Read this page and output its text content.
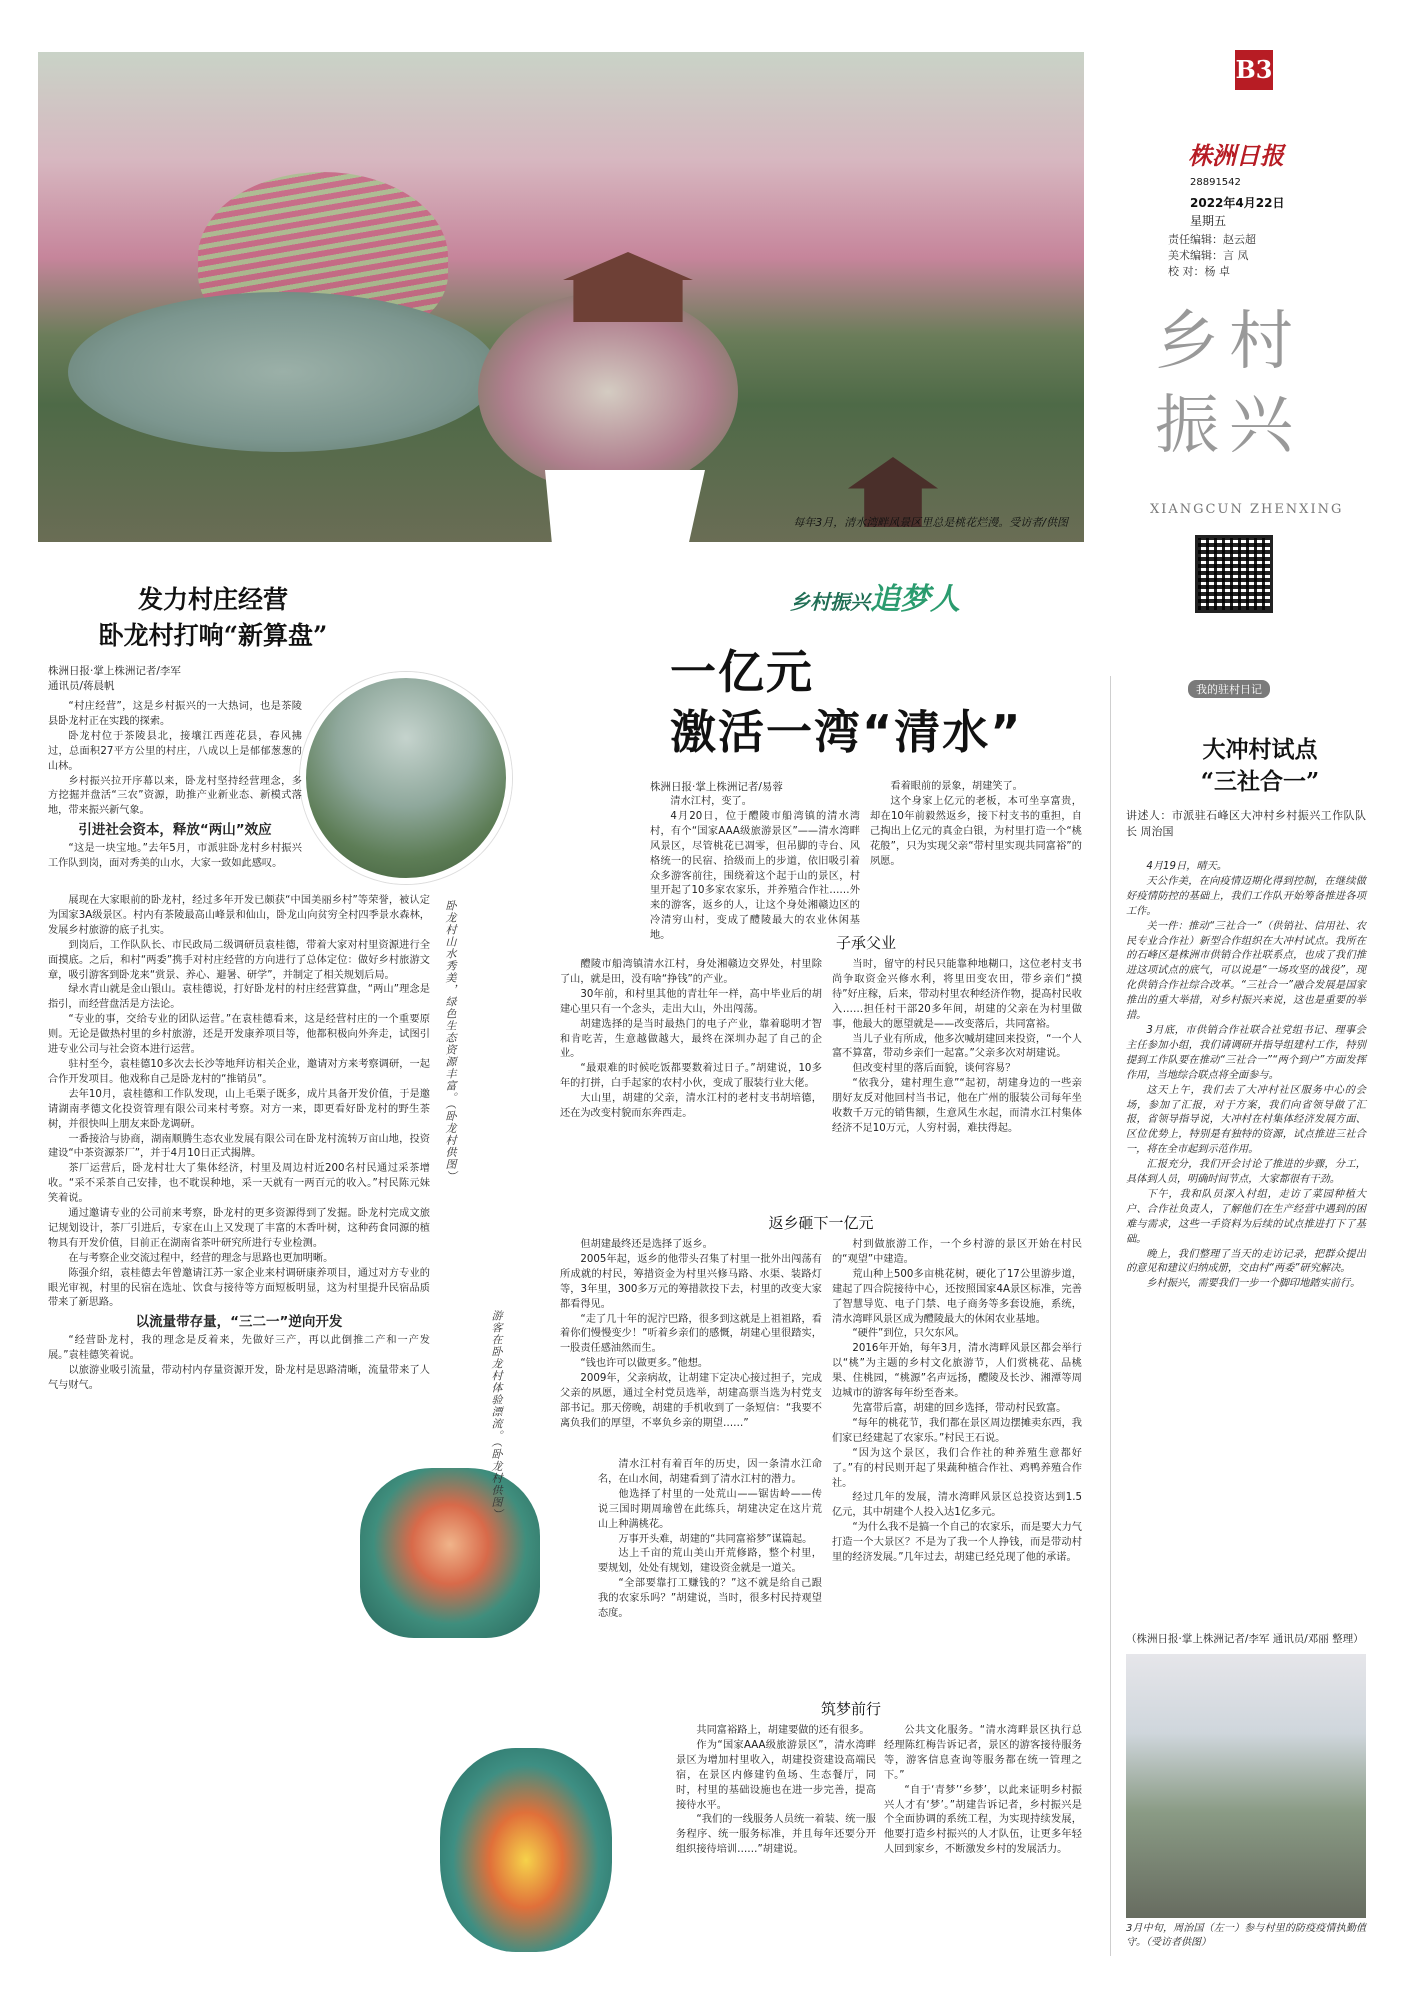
每年3月，清水湾畔风景区里总是桃花烂漫。受访者/供图
B3
株洲日报
28891542
2022年4月22日
星期五
责任编辑：赵云超
美术编辑：言 凤
校 对：杨 卓
乡村振兴
XIANGCUN ZHENXING
乡村振兴追梦人
发力村庄经营
卧龙村打响“新算盘”
卧龙村山水秀美，绿色生态资源丰富。（卧龙村供图）
株洲日报·掌上株洲记者/李军
通讯员/蒋晨帆

“村庄经营”，这是乡村振兴的一大热词，也是茶陵县卧龙村正在实践的探索。

卧龙村位于茶陵县北，接壤江西莲花县，春风拂过，总面积27平方公里的村庄，八成以上是郁郁葱葱的山林。

乡村振兴拉开序幕以来，卧龙村坚持经营理念，多方挖掘并盘活“三农”资源，助推产业新业态、新模式落地，带来振兴新气象。

引进社会资本，释放“两山”效应

“这是一块宝地。”去年5月，市派驻卧龙村乡村振兴工作队到岗，面对秀美的山水，大家一致如此感叹。

展现在大家眼前的卧龙村，经过多年开发已颇获“中国美丽乡村”等荣誉，被认定为国家3A级景区。村内有茶陵最高山峰景和仙山，卧龙山向贫穷全村四季景水森林，发展乡村旅游的底子扎实。

到岗后，工作队队长、市民政局二级调研员袁桂德，带着大家对村里资源进行全面摸底。之后，和村“两委”携手对村庄经营的方向进行了总体定位：做好乡村旅游文章，吸引游客到卧龙来“赏景、养心、避暑、研学”，并制定了相关规划后局。

绿水青山就是金山银山。袁桂德说，打好卧龙村的村庄经营算盘，“两山”理念是指引，而经营盘活是方法论。

“专业的事，交给专业的团队运营。”在袁桂德看来，这是经营村庄的一个重要原则。无论是做热村里的乡村旅游，还是开发康养项目等，他都积极向外奔走，试图引进专业公司与社会资本进行运营。

驻村至今，袁桂德10多次去长沙等地拜访相关企业，邀请对方来考察调研，一起合作开发项目。他戏称自己是卧龙村的“推销员”。

去年10月，袁桂德和工作队发现，山上毛栗子既多，成片具备开发价值，于是邀请湖南孝德文化投资管理有限公司来村考察。对方一来，即更看好卧龙村的野生茶树，并很快叫上朋友来卧龙调研。

一番接洽与协商，湖南顺腾生态农业发展有限公司在卧龙村流转万亩山地，投资建设“中茶资源茶厂”，并于4月10日正式揭牌。

茶厂运营后，卧龙村壮大了集体经济，村里及周边村近200名村民通过采茶增收。“采不采茶自己安排，也不耽误种地，采一天就有一两百元的收入。”村民陈元妹笑着说。

通过邀请专业的公司前来考察，卧龙村的更多资源得到了发掘。卧龙村完成文旅记规划设计，茶厂引进后，专家在山上又发现了丰富的木香叶树，这种药食同源的植物具有开发价值，目前正在湖南省茶叶研究所进行专业检测。

在与考察企业交流过程中，经营的理念与思路也更加明晰。

陈强介绍，袁桂德去年曾邀请江苏一家企业来村调研康养项目，通过对方专业的眼光审视，村里的民宿在选址、饮食与接待等方面短板明显，这为村里提升民宿品质带来了新思路。

以流量带存量，“三二一”逆向开发

“经营卧龙村，我的理念是反着来，先做好三产，再以此倒推二产和一产发展。”袁桂德笑着说。

以旅游业吸引流量，带动村内存量资源开发，卧龙村是思路清晰，流量带来了人气与财气。	游客在卧龙村体验漂流。（卧龙村供图）
一亿元
激活一湾“清水”
株洲日报·掌上株洲记者/易蓉

清水江村，变了。

4月20日，位于醴陵市船湾镇的清水湾村，有个“国家AAA级旅游景区”——清水湾畔风景区，尽管桃花已凋零，但吊脚的寺台、风格统一的民宿、拾级而上的步道，依旧吸引着众多游客前往，围绕着这个起于山的景区，村里开起了10多家农家乐，并养殖合作社……外来的游客，返乡的人，让这个身处湘赣边区的冷清穷山村，变成了醴陵最大的农业休闲基地。

看着眼前的景象，胡建笑了。

这个身家上亿元的老板，本可坐享富贵，却在10年前毅然返乡，接下村支书的重担，自己掏出上亿元的真金白银，为村里打造一个“桃花般”，只为实现父亲“带村里实现共同富裕”的夙愿。

子承父业

醴陵市船湾镇清水江村，身处湘赣边交界处，村里除了山，就是田，没有啥“挣钱”的产业。

30年前，和村里其他的青壮年一样，高中毕业后的胡建心里只有一个念头，走出大山，外出闯荡。

胡建选择的是当时最热门的电子产业，靠着聪明才智和肯吃苦，生意越做越大，最终在深圳办起了自己的企业。

“最艰难的时候吃饭都要数着过日子。”胡建说，10多年的打拼，白手起家的农村小伙，变成了服装行业大佬。

大山里，胡建的父亲，清水江村的老村支书胡培德，还在为改变村貌而东奔西走。

当时，留守的村民只能靠种地糊口，这位老村支书尚争取资金兴修水利，将里田变农田，带乡亲们“摸待”好庄稼，后来，带动村里农种经济作物，提高村民收入……担任村干部20多年间，胡建的父亲在为村里做事，他最大的愿望就是——改变落后，共同富裕。

当儿子业有所成，他多次喊胡建回来投资，“一个人富不算富，带动乡亲们一起富。”父亲多次对胡建说。

但改变村里的落后面貌，谈何容易？

“依我分，建村理生意”“起初，胡建身边的一些亲朋好友反对他回村当书记，他在广州的服装公司每年坐收数千万元的销售额，生意风生水起，而清水江村集体经济不足10万元，人穷村弱，难扶得起。

返乡砸下一亿元

但胡建最终还是选择了返乡。

2005年起，返乡的他带头召集了村里一批外出闯荡有所成就的村民，筹措资金为村里兴修马路、水渠、装路灯等，3年里，300多万元的筹措款投下去，村里的改变大家都看得见。

“走了几十年的泥泞巴路，很多到这就是上祖祖路，看着你们慢慢变少！”听着乡亲们的感慨，胡建心里很踏实，一股责任感油然而生。

“钱也许可以做更多。”他想。

2009年，父亲病故，让胡建下定决心接过担子，完成父亲的夙愿，通过全村党员选举，胡建高票当选为村党支部书记。那天傍晚，胡建的手机收到了一条短信：“我要不离负我们的厚望，不辜负乡亲的期望……”

清水江村有着百年的历史，因一条清水江命名，在山水间，胡建看到了清水江村的潜力。

他选择了村里的一处荒山——锯齿岭——传说三国时期周瑜曾在此练兵，胡建决定在这片荒山上种满桃花。

万事开头难，胡建的“共同富裕梦”谋篇起。

达上千亩的荒山美山开荒修路，整个村里，要规划，处处有规划，建设资金就是一道关。

“全部要靠打工赚钱的？”这不就是给自己跟我的农家乐吗？”胡建说，当时，很多村民持观望态度。

村到做旅游工作，一个乡村游的景区开始在村民的“观望”中建造。

荒山种上500多亩桃花树，硬化了17公里游步道，建起了四合院接待中心，还按照国家4A景区标准，完善了智慧导览、电子门禁、电子商务等多套设施，系统，清水湾畔风景区成为醴陵最大的休闲农业基地。

“硬件”到位，只欠东风。

2016年开始，每年3月，清水湾畔风景区都会举行以“桃”为主题的乡村文化旅游节，人们赏桃花、品桃果、住桃园，“桃源”名声远扬，醴陵及长沙、湘潭等周边城市的游客每年纷至沓来。

先富带后富，胡建的回乡选择，带动村民致富。

“每年的桃花节，我们都在景区周边摆摊卖东西，我们家已经建起了农家乐。”村民王石说。

“因为这个景区，我们合作社的种养殖生意都好了。”有的村民则开起了果蔬种植合作社、鸡鸭养殖合作社。

经过几年的发展，清水湾畔风景区总投资达到1.5亿元，其中胡建个人投入达1亿多元。

“为什么我不是搞一个自己的农家乐，而是要大力气打造一个大景区？不是为了我一个人挣钱，而是带动村里的经济发展。”几年过去，胡建已经兑现了他的承诺。

筑梦前行

共同富裕路上，胡建要做的还有很多。

作为“国家AAA级旅游景区”，清水湾畔景区为增加村里收入，胡建投资建设高端民宿，在景区内修建钓鱼场、生态餐厅，同时，村里的基础设施也在进一步完善，提高接待水平。

“我们的一线服务人员统一着装、统一服务程序、统一服务标准，并且每年还要分开组织接待培训……”胡建说。

公共文化服务。“清水湾畔景区执行总经理陈红梅告诉记者，景区的游客接待服务等，游客信息查询等服务都在统一管理之下。”

“自于‘青梦’‘乡梦’，以此来证明乡村振兴人才有‘梦’。”胡建告诉记者，乡村振兴是个全面协调的系统工程，为实现持续发展，他要打造乡村振兴的人才队伍，让更多年轻人回到家乡，不断激发乡村的发展活力。

我的驻村日记
大冲村试点
“三社合一”
讲述人：市派驻石峰区大冲村乡村振兴工作队队长 周治国

4月19日，晴天。

天公作美，在向疫情迈期化得到控制，在继续做好疫情防控的基础上，我们工作队开始筹备推进各项工作。

关一件：推动“三社合一”（供销社、信用社、农民专业合作社）新型合作组织在大冲村试点。我所在的石峰区是株洲市供销合作社联系点，也成了我们推进这项试点的底气，可以说是“一场攻坚的战役”，现化供销合作社综合改革。“三社合一”融合发展是国家推出的重大举措，对乡村振兴来说，这也是重要的举措。

3月底，市供销合作社联合社党组书记、理事会主任参加小组，我们请调研并指导组建村工作，特别提到工作队要在推动“三社合一”“两个到户”方面发挥作用，当地综合联点将全面参与。

这天上午，我们去了大冲村社区服务中心的会场，参加了汇报，对于方案，我们向省领导做了汇报，省领导指导说，大冲村在村集体经济发展方面、区位优势上，特别是有独特的资源，试点推进三社合一，将在全市起到示范作用。

汇报充分，我们开会讨论了推进的步骤，分工，具体到人员，明确时间节点，大家都很有干劲。

下午，我和队员深入村组，走访了菜园种植大户、合作社负责人，了解他们在生产经营中遇到的困难与需求，这些一手资料为后续的试点推进打下了基础。

晚上，我们整理了当天的走访记录，把群众提出的意见和建议归纳成册，交由村“两委”研究解决。

乡村振兴，需要我们一步一个脚印地踏实前行。

（株洲日报·掌上株洲记者/李军 通讯员/邓丽 整理）
3月中旬，周治国（左一）参与村里的防疫疫情执勤值守。（受访者供图）
